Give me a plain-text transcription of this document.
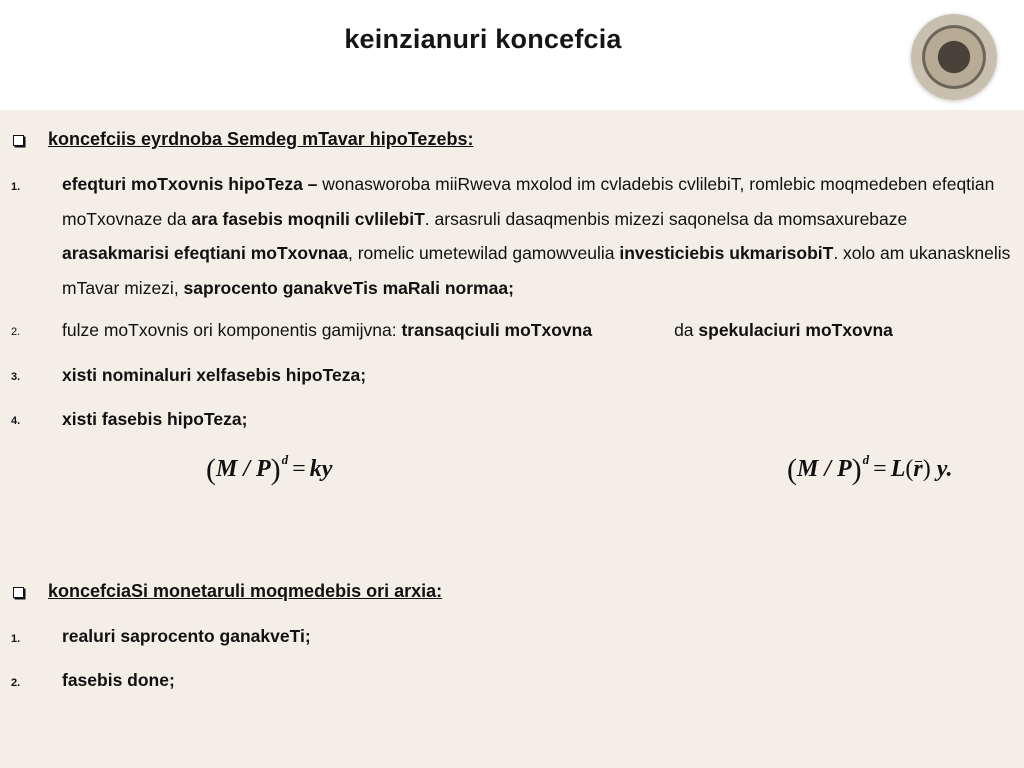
keinzianuri koncefcia
koncefciis eyrdnoba Semdeg mTavar hipoTezebs:
1. efeqturi moTxovnis hipoTeza – wonasworoba miiRweva mxolod im cvladebis cvlilebiT, romlebic moqmedeben efeqtian moTxovnaze da ara fasebis moqnili cvlilebiT. arsasruli dasaqmenbis mizezi saqonelsa da momsaxurebaze arasakmarisi efeqtiani moTxovnaa, romelic umetewilad gamowveulia investiciebis ukmarisobiT. xolo am ukanasknelis mTavar mizezi, saprocento ganakveTis maRali normaa;
2. fulze moTxovnis ori komponentis gamijvna: transaqciuli moTxovna	da spekulaciuri moTxovna
3. xisti nominaluri xelfasebis hipoTeza;
4. xisti fasebis hipoTeza;
(M / P)$^d$ = ky	(M / P)$^d$ = L(r) y.
koncefciaSi monetaruli moqmedebis ori arxia:
1. realuri saprocento ganakveTi;
2. fasebis done;
